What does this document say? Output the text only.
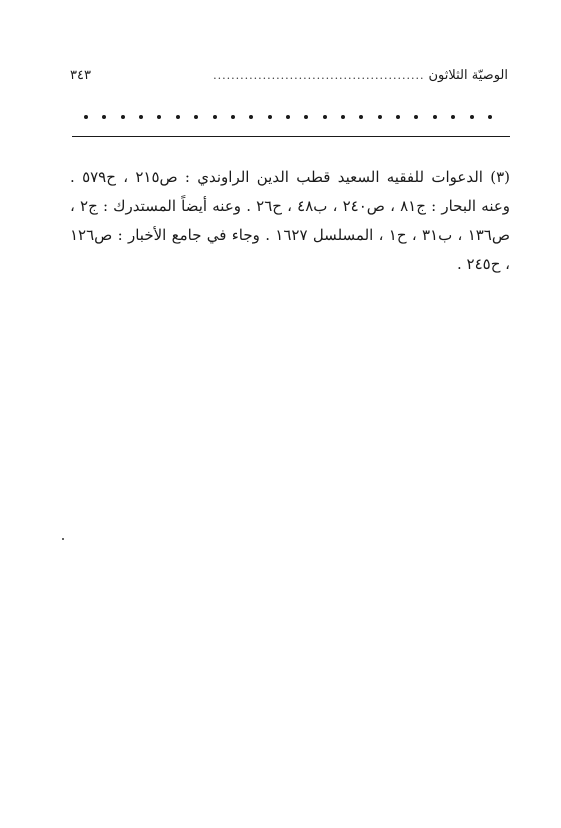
الوصيّة الثلاثون
...............................................
٣٤٣

(٣) الدعوات للفقيه السعيد قطب الدين الراوندي : ص٢١٥ ، ح٥٧٩ . وعنه البحار : ج٨١ ، ص٢٤٠ ، ب٤٨ ، ح٢٦ . وعنه أيضاً المستدرك : ج٢ ، ص١٣٦ ، ب٣١ ، ح١ ، المسلسل ١٦٢٧ . وجاء في جامع الأخبار : ص١٢٦ ، ح٢٤٥ .
